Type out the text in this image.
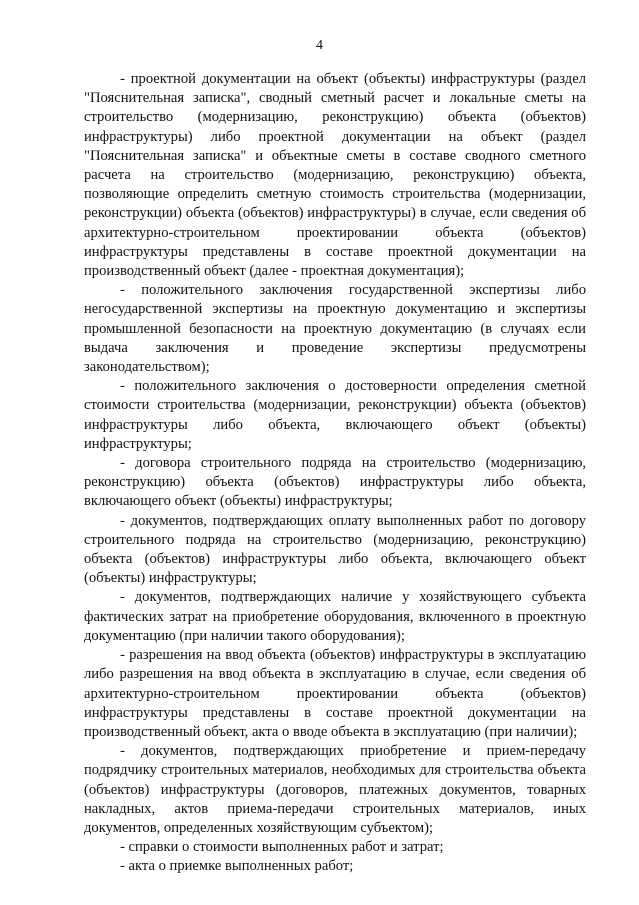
4

- проектной документации на объект (объекты) инфраструктуры (раздел "Пояснительная записка", сводный сметный расчет и локальные сметы на строительство (модернизацию, реконструкцию) объекта (объектов) инфраструктуры) либо проектной документации на объект (раздел "Пояснительная записка" и объектные сметы в составе сводного сметного расчета на строительство (модернизацию, реконструкцию) объекта, позволяющие определить сметную стоимость строительства (модернизации, реконструкции) объекта (объектов) инфраструктуры) в случае, если сведения об архитектурно-строительном проектировании объекта (объектов) инфраструктуры представлены в составе проектной документации на производственный объект (далее - проектная документация);

- положительного заключения государственной экспертизы либо негосударственной экспертизы на проектную документацию и экспертизы промышленной безопасности на проектную документацию (в случаях если выдача заключения и проведение экспертизы предусмотрены законодательством);

- положительного заключения о достоверности определения сметной стоимости строительства (модернизации, реконструкции) объекта (объектов) инфраструктуры либо объекта, включающего объект (объекты) инфраструктуры;

- договора строительного подряда на строительство (модернизацию, реконструкцию) объекта (объектов) инфраструктуры либо объекта, включающего объект (объекты) инфраструктуры;

- документов, подтверждающих оплату выполненных работ по договору строительного подряда на строительство (модернизацию, реконструкцию) объекта (объектов) инфраструктуры либо объекта, включающего объект (объекты) инфраструктуры;

- документов, подтверждающих наличие у хозяйствующего субъекта фактических затрат на приобретение оборудования, включенного в проектную документацию (при наличии такого оборудования);

- разрешения на ввод объекта (объектов) инфраструктуры в эксплуатацию либо разрешения на ввод объекта в эксплуатацию в случае, если сведения об архитектурно-строительном проектировании объекта (объектов) инфраструктуры представлены в составе проектной документации на производственный объект, акта о вводе объекта в эксплуатацию (при наличии);

- документов, подтверждающих приобретение и прием-передачу подрядчику строительных материалов, необходимых для строительства объекта (объектов) инфраструктуры (договоров, платежных документов, товарных накладных, актов приема-передачи строительных материалов, иных документов, определенных хозяйствующим субъектом);

- справки о стоимости выполненных работ и затрат;

- акта о приемке выполненных работ;
